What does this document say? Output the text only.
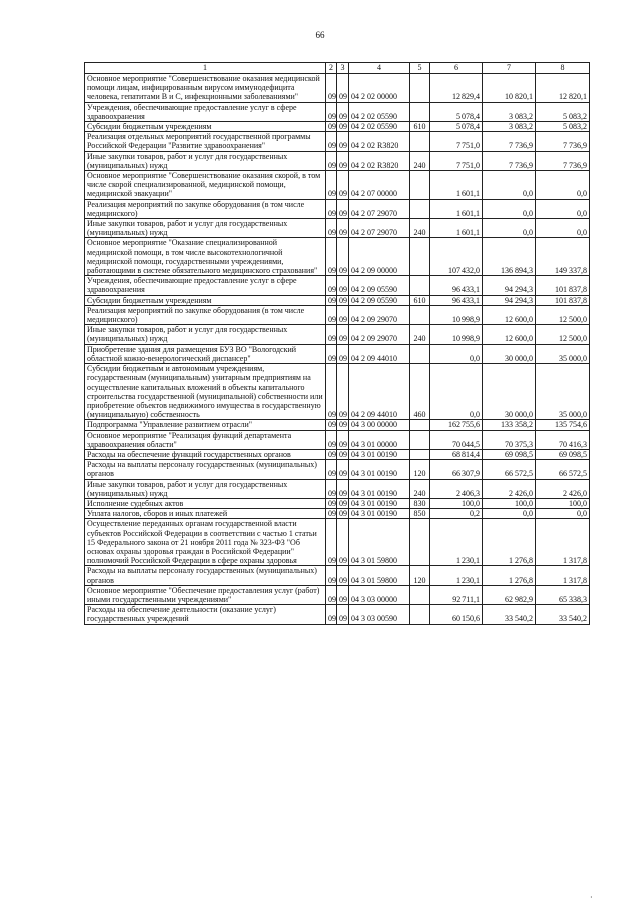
66
1	2	3	4	5	6	7	8
Основное мероприятие "Совершенствование оказания медицинской помощи лицам, инфицированным вирусом иммунодефицита человека, гепатитами В и С, инфекционными заболеваниями"	09	09	04 2 02 00000		12 829,4	10 820,1	12 820,1
Учреждения, обеспечивающие предоставление услуг в сфере здравоохранения	09	09	04 2 02 05590		5 078,4	3 083,2	5 083,2
Субсидии бюджетным учреждениям	09	09	04 2 02 05590	610	5 078,4	3 083,2	5 083,2
Реализация отдельных мероприятий государственной программы Российской Федерации "Развитие здравоохранения"	09	09	04 2 02 R3820		7 751,0	7 736,9	7 736,9
Иные закупки товаров, работ и услуг для государственных (муниципальных) нужд	09	09	04 2 02 R3820	240	7 751,0	7 736,9	7 736,9
Основное мероприятие "Совершенствование оказания скорой, в том числе скорой специализированной, медицинской помощи, медицинской эвакуации"	09	09	04 2 07 00000		1 601,1	0,0	0,0
Реализация мероприятий по закупке оборудования (в том числе медицинского)	09	09	04 2 07 29070		1 601,1	0,0	0,0
Иные закупки товаров, работ и услуг для государственных (муниципальных) нужд	09	09	04 2 07 29070	240	1 601,1	0,0	0,0
Основное мероприятие "Оказание специализированной медицинской помощи, в том числе высокотехнологичной медицинской помощи, государственными учреждениями, работающими в системе обязательного медицинского страхования"	09	09	04 2 09 00000		107 432,0	136 894,3	149 337,8
Учреждения, обеспечивающие предоставление услуг в сфере здравоохранения	09	09	04 2 09 05590		96 433,1	94 294,3	101 837,8
Субсидии бюджетным учреждениям	09	09	04 2 09 05590	610	96 433,1	94 294,3	101 837,8
Реализация мероприятий по закупке оборудования (в том числе медицинского)	09	09	04 2 09 29070		10 998,9	12 600,0	12 500,0
Иные закупки товаров, работ и услуг для государственных (муниципальных) нужд	09	09	04 2 09 29070	240	10 998,9	12 600,0	12 500,0
Приобретение здания для размещения БУЗ ВО "Вологодский областной кожно-венерологический диспансер"	09	09	04 2 09 44010		0,0	30 000,0	35 000,0
Субсидии бюджетным и автономным учреждениям, государственным (муниципальным) унитарным предприятиям на осуществление капитальных вложений в объекты капитального строительства государственной (муниципальной) собственности или приобретение объектов недвижимого имущества в государственную (муниципальную) собственность	09	09	04 2 09 44010	460	0,0	30 000,0	35 000,0
Подпрограмма "Управление развитием отрасли"	09	09	04 3 00 00000		162 755,6	133 358,2	135 754,6
Основное мероприятие "Реализация функций департамента здравоохранения области"	09	09	04 3 01 00000		70 044,5	70 375,3	70 416,3
Расходы на обеспечение функций государственных органов	09	09	04 3 01 00190		68 814,4	69 098,5	69 098,5
Расходы на выплаты персоналу государственных (муниципальных) органов	09	09	04 3 01 00190	120	66 307,9	66 572,5	66 572,5
Иные закупки товаров, работ и услуг для государственных (муниципальных) нужд	09	09	04 3 01 00190	240	2 406,3	2 426,0	2 426,0
Исполнение судебных актов	09	09	04 3 01 00190	830	100,0	100,0	100,0
Уплата налогов, сборов и иных платежей	09	09	04 3 01 00190	850	0,2	0,0	0,0
Осуществление переданных органам государственной власти субъектов Российской Федерации в соответствии с частью 1 статьи 15 Федерального закона от 21 ноября 2011 года № 323-ФЗ "Об основах охраны здоровья граждан в Российской Федерации" полномочий Российской Федерации в сфере охраны здоровья	09	09	04 3 01 59800		1 230,1	1 276,8	1 317,8
Расходы на выплаты персоналу государственных (муниципальных) органов	09	09	04 3 01 59800	120	1 230,1	1 276,8	1 317,8
Основное мероприятие "Обеспечение предоставления услуг (работ) иными государственными учреждениями"	09	09	04 3 03 00000		92 711,1	62 982,9	65 338,3
Расходы на обеспечение деятельности (оказание услуг) государственных учреждений	09	09	04 3 03 00590		60 150,6	33 540,2	33 540,2
·
